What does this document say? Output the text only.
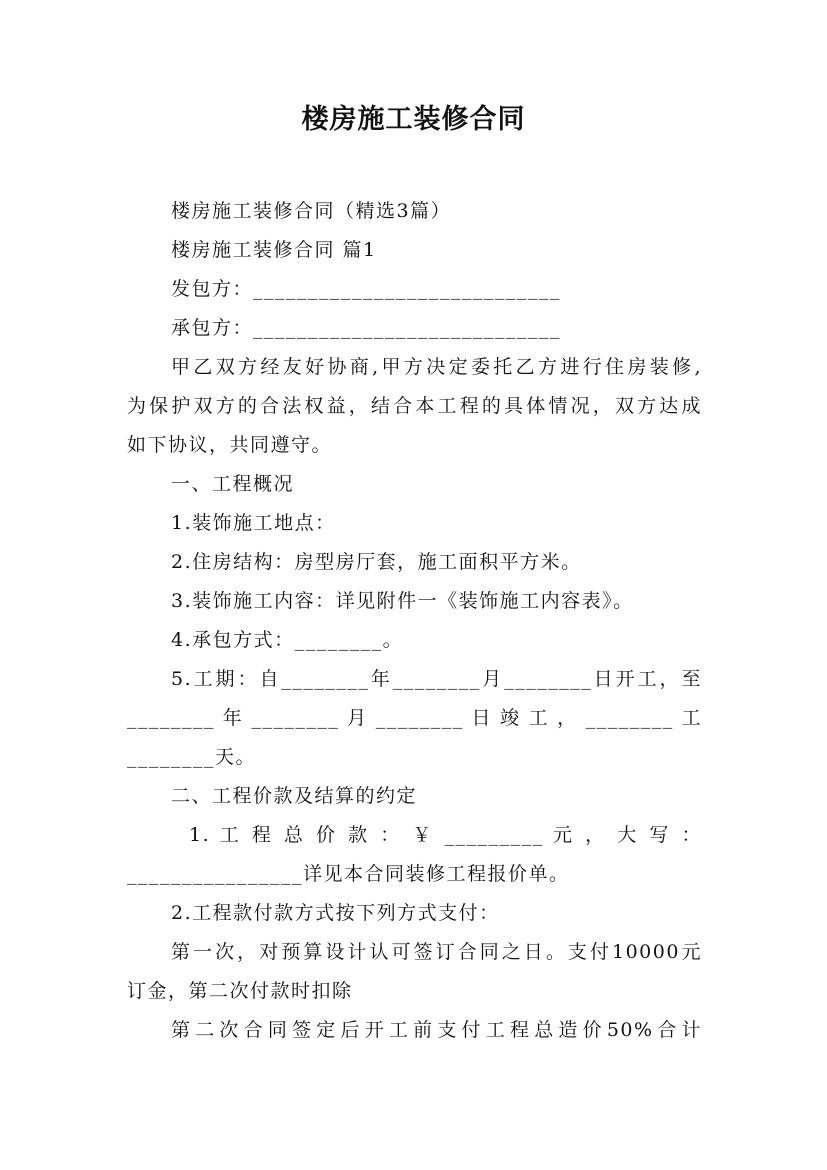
楼房施工装修合同
楼房施工装修合同（精选3篇）
楼房施工装修合同 篇1
发包方：____________________________
承包方：____________________________
甲乙双方经友好协商,甲方决定委托乙方进行住房装修,
为保护双方的合法权益，结合本工程的具体情况，双方达成
如下协议，共同遵守。
一、工程概况
1.装饰施工地点：
2.住房结构：房型房厅套，施工面积平方米。
3.装饰施工内容：详见附件一《装饰施工内容表》。
4.承包方式：________。
5.工期：自________年________月________日开工，至
________ 年 ________ 月 ________ 日 竣 工 ， ________ 工
________天。
二、工程价款及结算的约定
1. 工 程 总 价 款 ： ￥ _________ 元 ， 大 写 ：
________________详见本合同装修工程报价单。
2.工程款付款方式按下列方式支付：
第一次，对预算设计认可签订合同之日。支付10000元
订金，第二次付款时扣除
第二次合同签定后开工前支付工程总造价50%合计
